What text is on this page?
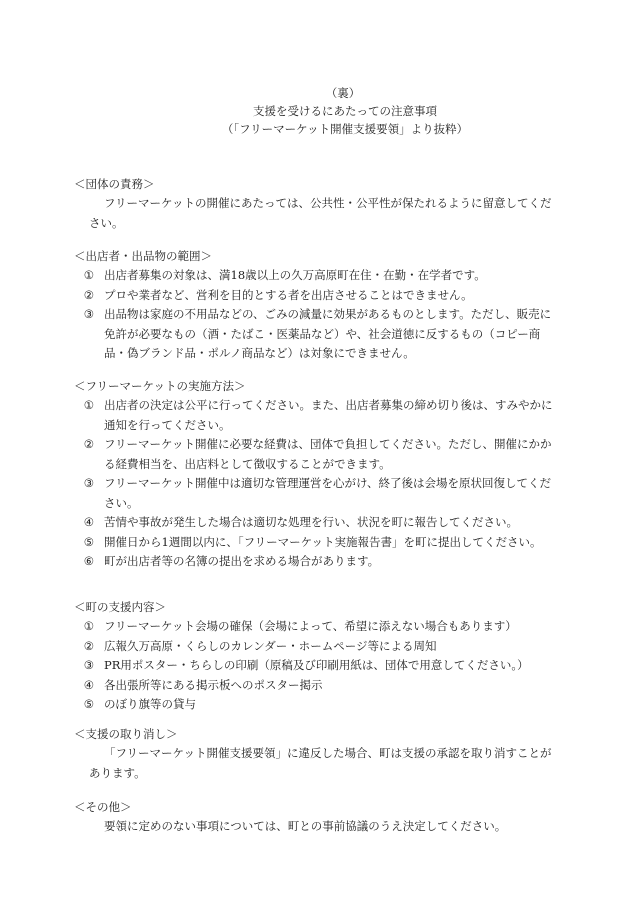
（裏）
支援を受けるにあたっての注意事項
（「フリーマーケット開催支援要領」より抜粋）
＜団体の責務＞
フリーマーケットの開催にあたっては、公共性・公平性が保たれるように留意してください。
＜出店者・出品物の範囲＞
① 出店者募集の対象は、満18歳以上の久万高原町在住・在勤・在学者です。
② プロや業者など、営利を目的とする者を出店させることはできません。
③ 出品物は家庭の不用品などの、ごみの減量に効果があるものとします。ただし、販売に免許が必要なもの（酒・たばこ・医薬品など）や、社会道徳に反するもの（コピー商品・偽ブランド品・ポルノ商品など）は対象にできません。
＜フリーマーケットの実施方法＞
① 出店者の決定は公平に行ってください。また、出店者募集の締め切り後は、すみやかに通知を行ってください。
② フリーマーケット開催に必要な経費は、団体で負担してください。ただし、開催にかかる経費相当を、出店料として徴収することができます。
③ フリーマーケット開催中は適切な管理運営を心がけ、終了後は会場を原状回復してください。
④ 苦情や事故が発生した場合は適切な処理を行い、状況を町に報告してください。
⑤ 開催日から1週間以内に、「フリーマーケット実施報告書」を町に提出してください。
⑥ 町が出店者等の名簿の提出を求める場合があります。
＜町の支援内容＞
① フリーマーケット会場の確保（会場によって、希望に添えない場合もあります）
② 広報久万高原・くらしのカレンダー・ホームページ等による周知
③ PR用ポスター・ちらしの印刷（原稿及び印刷用紙は、団体で用意してください。）
④ 各出張所等にある掲示板へのポスター掲示
⑤ のぼり旗等の貸与
＜支援の取り消し＞
「フリーマーケット開催支援要領」に違反した場合、町は支援の承認を取り消すことがあります。
＜その他＞
要領に定めのない事項については、町との事前協議のうえ決定してください。
